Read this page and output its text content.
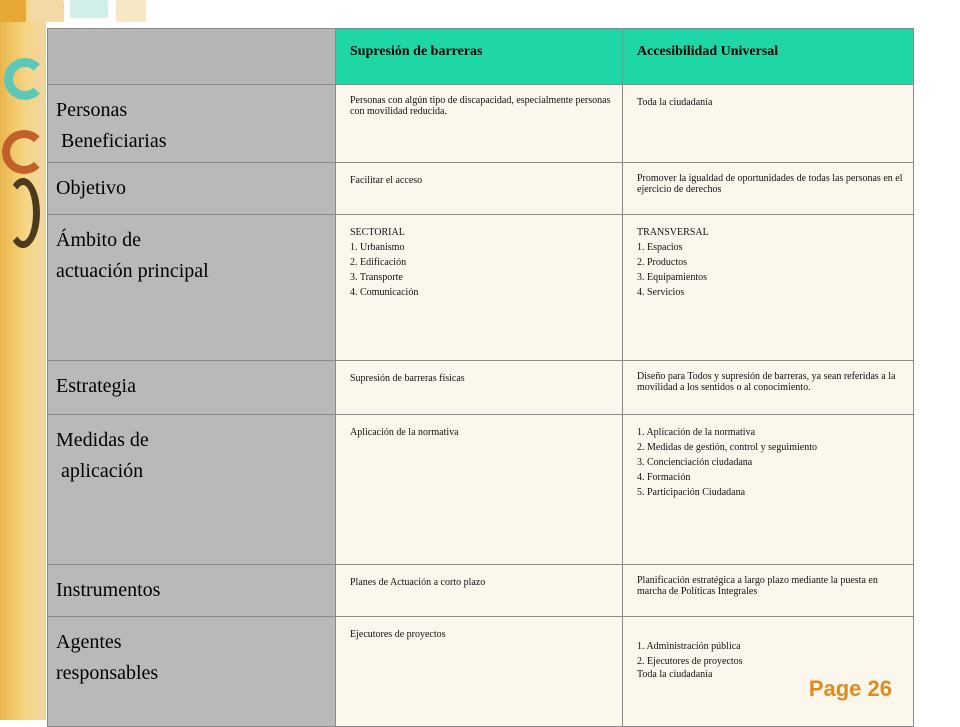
	Supresión de barreras	Accesibilidad Universal

Personas
Beneficiarias	Personas con algún tipo de discapacidad, especialmente personas con movilidad reducida.	Toda la ciudadanía

Objetivo	Facilitar el acceso	Promover la igualdad de oportunidades de todas las personas en el ejercicio de derechos

Ámbito de
actuación principal	SECTORIAL
1. Urbanismo
2. Edificación
3. Transporte
4. Comunicación	TRANSVERSAL
1. Espacios
2. Productos
3. Equipamientos
4. Servicios

Estrategia	Supresión de barreras físicas	Diseño para Todos y supresión de barreras, ya sean referidas a la movilidad a los sentidos o al conocimiento.

Medidas de
aplicación	Aplicación de la normativa	1. Aplicación de la normativa
2. Medidas de gestión, control y seguimiento
3. Concienciación ciudadana
4. Formación
5. Participación Ciudadana

Instrumentos	Planes de Actuación a corto plazo	Planificación estratégica a largo plazo mediante la puesta en marcha de Políticas Integrales

Agentes
responsables	Ejecutores de proyectos	1. Administración pública
2. Ejecutores de proyectos
Toda la ciudadanía
Page 26
